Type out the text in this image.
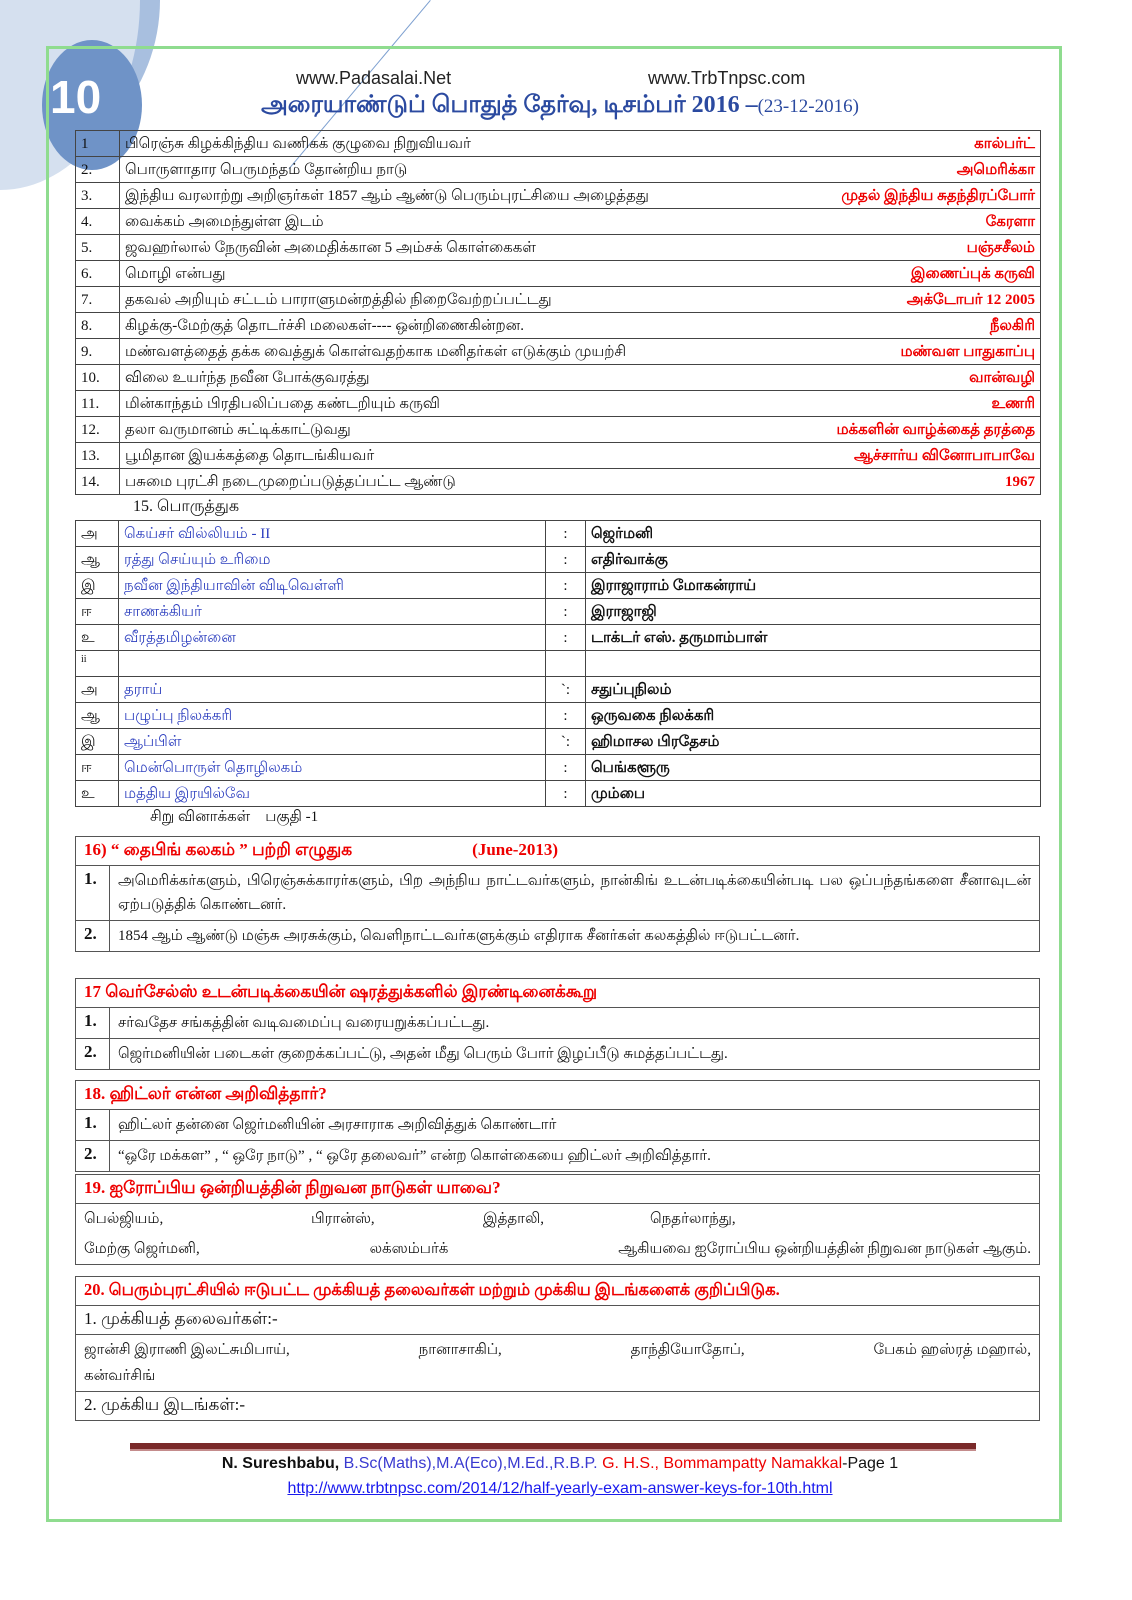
10	www.Padasalai.Net	www.TrbTnpsc.com
அரையாண்டுப் பொதுத் தேர்வு, டிசம்பர் 2016 –(23-12-2016)
1	பிரெஞ்சு கிழக்கிந்திய வணிகக் குழுவை நிறுவியவர்	கால்பர்ட்
2.	பொருளாதார பெருமந்தம் தோன்றிய நாடு	அமெரிக்கா
3.	இந்திய வரலாற்று அறிஞர்கள் 1857 ஆம் ஆண்டு பெரும்புரட்சியை அழைத்தது	முதல் இந்திய சுதந்திரப்போர்
4.	வைக்கம் அமைந்துள்ள இடம்	கேரளா
5.	ஜவஹர்லால் நேருவின் அமைதிக்கான 5 அம்சக் கொள்கைகள்	பஞ்சசீலம்
6.	மொழி என்பது	இணைப்புக் கருவி
7.	தகவல் அறியும் சட்டம் பாராளுமன்றத்தில் நிறைவேற்றப்பட்டது	அக்டோபர் 12 2005
8.	கிழக்கு-மேற்குத் தொடர்ச்சி மலைகள்---- ஒன்றிணைகின்றன.	நீலகிரி
9.	மண்வளத்தைத் தக்க வைத்துக் கொள்வதற்காக மனிதர்கள் எடுக்கும் முயற்சி	மண்வள பாதுகாப்பு
10.	விலை உயர்ந்த நவீன போக்குவரத்து	வான்வழி
11.	மின்காந்தம் பிரதிபலிப்பதை கண்டறியும் கருவி	உணரி
12.	தலா வருமானம் சுட்டிக்காட்டுவது	மக்களின் வாழ்க்கைத் தரத்தை
13.	பூமிதான இயக்கத்தை தொடங்கியவர்	ஆச்சார்ய வினோபாபாவே
14.	பசுமை புரட்சி நடைமுறைப்படுத்தப்பட்ட ஆண்டு	1967
15. பொருத்துக
அ	கெய்சர் வில்லியம் - II	:	ஜெர்மனி
ஆ	ரத்து செய்யும் உரிமை	:	எதிர்வாக்கு
இ	நவீன இந்தியாவின் விடிவெள்ளி	:	இராஜாராம் மோகன்ராய்
ஈ	சாணக்கியர்	:	இராஜாஜி
உ	வீரத்தமிழன்னை	:	டாக்டர் எஸ். தருமாம்பாள்
ii			
அ	தராய்	`:	சதுப்புநிலம்
ஆ	பழுப்பு நிலக்கரி	:	ஒருவகை நிலக்கரி
இ	ஆப்பிள்	`:	ஹிமாசல பிரதேசம்
ஈ	மென்பொருள் தொழிலகம்	:	பெங்களூரு
உ	மத்திய இரயில்வே	:	மும்பை
சிறு வினாக்கள்    பகுதி -1
16) “ தைபிங் கலகம் ” பற்றி எழுதுக	(June-2013)
1.	அமெரிக்கர்களும், பிரெஞ்சுக்காரர்களும், பிற அந்நிய நாட்டவர்களும், நான்கிங் உடன்படிக்கையின்படி பல ஒப்பந்தங்களை சீனாவுடன் ஏற்படுத்திக் கொண்டனர்.
2.	1854 ஆம் ஆண்டு மஞ்சு அரசுக்கும், வெளிநாட்டவர்களுக்கும் எதிராக சீனர்கள் கலகத்தில் ஈடுபட்டனர்.
17 வெர்சேல்ஸ் உடன்படிக்கையின் ஷரத்துக்களில் இரண்டினைக்கூறு
1.	சர்வதேச சங்கத்தின் வடிவமைப்பு வரையறுக்கப்பட்டது.
2.	ஜெர்மனியின் படைகள் குறைக்கப்பட்டு, அதன் மீது பெரும் போர் இழப்பீடு சுமத்தப்பட்டது.
18. ஹிட்லர் என்ன அறிவித்தார்?
1.	ஹிட்லர் தன்னை ஜெர்மனியின் அரசாராக அறிவித்துக் கொண்டார்
2.	“ஒரே மக்கள” , “ ஒரே நாடு” , “ ஒரே தலைவர்” என்ற கொள்கையை ஹிட்லர் அறிவித்தார்.
19. ஐரோப்பிய ஒன்றியத்தின் நிறுவன நாடுகள் யாவை?
பெல்ஜியம்,	பிரான்ஸ்,	இத்தாலி,	நெதர்லாந்து,
மேற்கு ஜெர்மனி,	லக்ஸம்பர்க்	ஆகியவை ஐரோப்பிய ஒன்றியத்தின் நிறுவன நாடுகள் ஆகும்.
20. பெரும்புரட்சியில் ஈடுபட்ட முக்கியத் தலைவர்கள் மற்றும் முக்கிய இடங்களைக் குறிப்பிடுக.
1. முக்கியத் தலைவர்கள்:-
ஜான்சி இராணி இலட்சுமிபாய்,	நானாசாகிப்,	தாந்தியோதோப்,	பேகம் ஹஸ்ரத் மஹால்,
கன்வர்சிங்
2. முக்கிய இடங்கள்:-
N. Sureshbabu, B.Sc(Maths),M.A(Eco),M.Ed.,R.B.P. G. H.S., Bommampatty Namakkal-Page 1
http://www.trbtnpsc.com/2014/12/half-yearly-exam-answer-keys-for-10th.html
